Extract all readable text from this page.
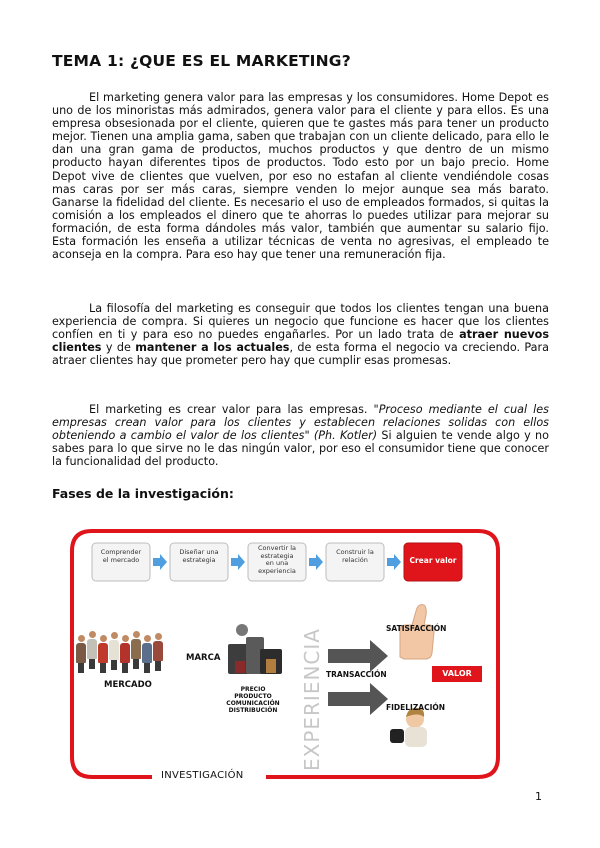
TEMA 1: ¿QUE ES EL MARKETING?

El marketing genera valor para las empresas y los consumidores. Home Depot es uno de los minoristas más admirados, genera valor para el cliente y para ellos. Es una empresa obsesionada por el cliente, quieren que te gastes más para tener un producto mejor. Tienen una amplia gama, saben que trabajan con un cliente delicado, para ello le dan una gran gama de productos, muchos productos y que dentro de un mismo producto hayan diferentes tipos de productos. Todo esto por un bajo precio. Home Depot vive de clientes que vuelven, por eso no estafan al cliente vendiéndole cosas mas caras por ser más caras, siempre venden lo mejor aunque sea más barato. Ganarse la fidelidad del cliente. Es necesario el uso de empleados formados, si quitas la comisión a los empleados el dinero que te ahorras lo puedes utilizar para mejorar su formación, de esta forma dándoles más valor, también que aumentar su salario fijo. Esta formación les enseña a utilizar técnicas de venta no agresivas, el empleado te aconseja en la compra. Para eso hay que tener una remuneración fija.

La filosofía del marketing es conseguir que todos los clientes tengan una buena experiencia de compra. Si quieres un negocio que funcione es hacer que los clientes confíen en ti y para eso no puedes engañarles. Por un lado trata de atraer nuevos clientes y de mantener a los actuales, de esta forma el negocio va creciendo. Para atraer clientes hay que prometer pero hay que cumplir esas promesas.

El marketing es crear valor para las empresas. "Proceso mediante el cual les empresas crean valor para los clientes y establecen relaciones solidas con ellos obteniendo a cambio el valor de los clientes" (Ph. Kotler) Si alguien te vende algo y no sabes para lo que sirve no le das ningún valor, por eso el consumidor tiene que conocer la funcionalidad del producto.

Fases de la investigación:
Comprender
el mercado
Diseñar una
estrategia
Convertir la
estrategia
en una
experiencia
Construir la
relación	Crear valor
MERCADO
MARCA
PRECIO
PRODUCTO
COMUNICACIÓN
DISTRIBUCIÓN	EXPERIENCIA TRANSACCIÓN
SATISFACCIÓN
FIDELIZACIÓN
VALOR
INVESTIGACIÓN

1
